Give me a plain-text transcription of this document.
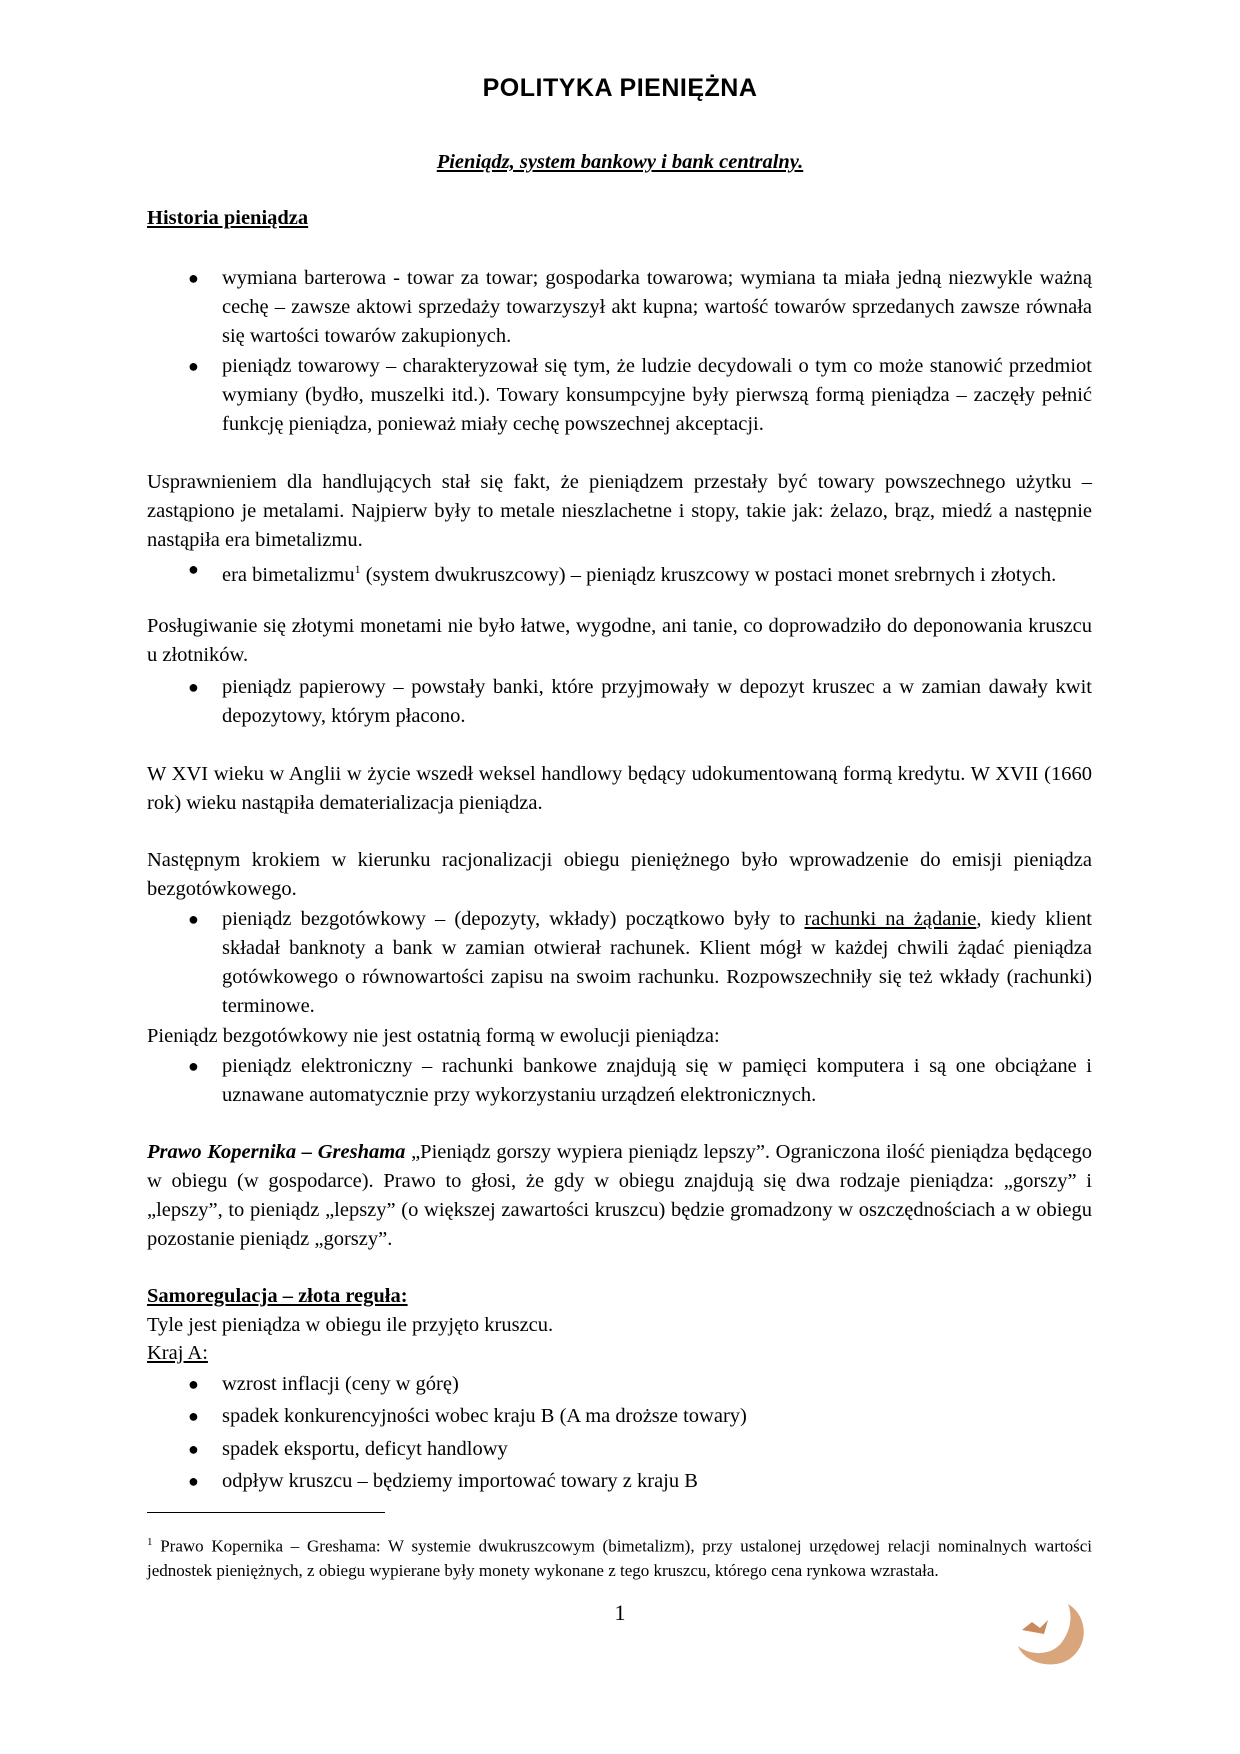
POLITYKA PIENIĘŻNA
Pieniądz, system bankowy i bank centralny.
Historia pieniądza
● wymiana barterowa - towar za towar; gospodarka towarowa; wymiana ta miała jedną niezwykle ważną cechę – zawsze aktowi sprzedaży towarzyszył akt kupna; wartość towarów sprzedanych zawsze równała się wartości towarów zakupionych.
● pieniądz towarowy – charakteryzował się tym, że ludzie decydowali o tym co może stanowić przedmiot wymiany (bydło, muszelki itd.). Towary konsumpcyjne były pierwszą formą pieniądza – zaczęły pełnić funkcję pieniądza, ponieważ miały cechę powszechnej akceptacji.
Usprawnieniem dla handlujących stał się fakt, że pieniądzem przestały być towary powszechnego użytku – zastąpiono je metalami. Najpierw były to metale nieszlachetne i stopy, takie jak: żelazo, brąz, miedź a następnie nastąpiła era bimetalizmu.
● era bimetalizmu$^1$ (system dwukruszcowy) – pieniądz kruszcowy w postaci monet srebrnych i złotych.
Posługiwanie się złotymi monetami nie było łatwe, wygodne, ani tanie, co doprowadziło do deponowania kruszcu u złotników.
● pieniądz papierowy – powstały banki, które przyjmowały w depozyt kruszec a w zamian dawały kwit depozytowy, którym płacono.
W XVI wieku w Anglii w życie wszedł weksel handlowy będący udokumentowaną formą kredytu. W XVII (1660 rok) wieku nastąpiła dematerializacja pieniądza.
Następnym krokiem w kierunku racjonalizacji obiegu pieniężnego było wprowadzenie do emisji pieniądza bezgotówkowego.
● pieniądz bezgotówkowy – (depozyty, wkłady) początkowo były to rachunki na żądanie, kiedy klient składał banknoty a bank w zamian otwierał rachunek. Klient mógł w każdej chwili żądać pieniądza gotówkowego o równowartości zapisu na swoim rachunku. Rozpowszechniły się też wkłady (rachunki) terminowe.
Pieniądz bezgotówkowy nie jest ostatnią formą w ewolucji pieniądza:
● pieniądz elektroniczny – rachunki bankowe znajdują się w pamięci komputera i są one obciążane i uznawane automatycznie przy wykorzystaniu urządzeń elektronicznych.
Prawo Kopernika – Greshama „Pieniądz gorszy wypiera pieniądz lepszy”. Ograniczona ilość pieniądza będącego w obiegu (w gospodarce). Prawo to głosi, że gdy w obiegu znajdują się dwa rodzaje pieniądza: „gorszy” i „lepszy”, to pieniądz „lepszy” (o większej zawartości kruszcu) będzie gromadzony w oszczędnościach a w obiegu pozostanie pieniądz „gorszy”.
Samoregulacja – złota reguła:
Tyle jest pieniądza w obiegu ile przyjęto kruszcu.
Kraj A:
● wzrost inflacji (ceny w górę)
● spadek konkurencyjności wobec kraju B (A ma droższe towary)
● spadek eksportu, deficyt handlowy
● odpływ kruszcu – będziemy importować towary z kraju B
$^1$ Prawo Kopernika – Greshama: W systemie dwukruszcowym (bimetalizm), przy ustalonej urzędowej relacji nominalnych wartości jednostek pieniężnych, z obiegu wypierane były monety wykonane z tego kruszcu, którego cena rynkowa wzrastała.
1
